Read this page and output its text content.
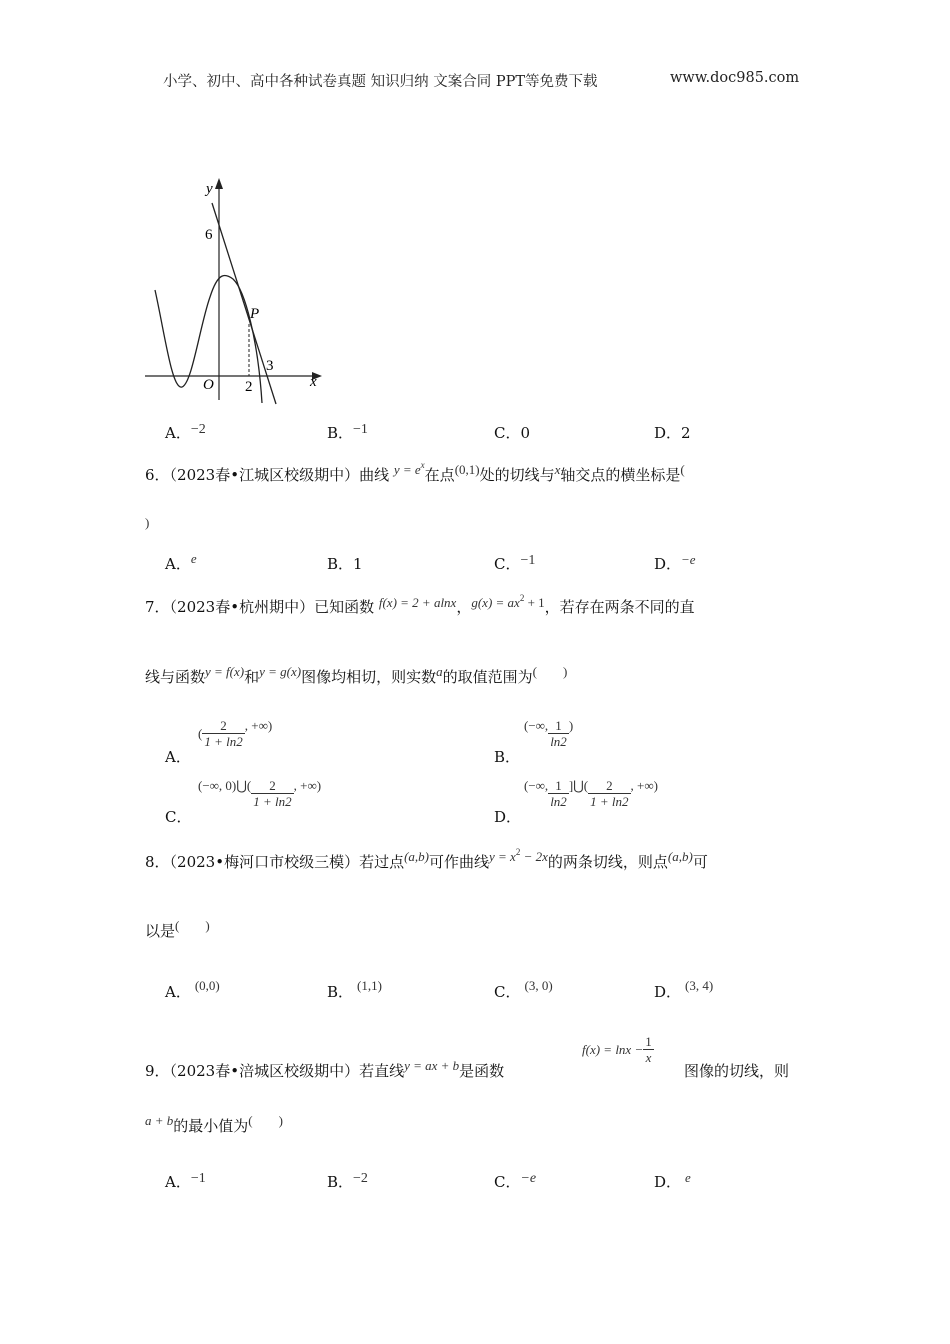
小学、初中、高中各种试卷真题 知识归纳 文案合同 PPT等免费下载	www.doc985.com
y
x
O
6
2
3
P
A．−2	B．−1	C．0	D．2
6．（2023春•江城区校级期中）曲线 $y = e^x$在点(0,1)处的切线与x轴交点的横坐标是(
)
A．e	B．1	C．−1	D．−e
7．（2023春•杭州期中）已知函数 f(x) = 2 + alnx，$g(x) = ax^2 + 1$，若存在两条不同的直
线与函数y = f(x)和y = g(x)图像均相切，则实数a的取值范围为(        )
A．
( $\frac{2}{1 + \ln 2} ^{, +\infty)}$
B．
$^{(-\infty,} \frac{1}{\ln 2} ^)$
C．
$^{(-\infty, 0)⋃(} \frac{2}{1 + \ln 2} ^{, +\infty)}$
D．
$^{(-\infty,} \frac{1}{\ln 2} ^{]⋃(} \frac{2}{1 + \ln 2} ^{, +\infty)}$
8．（2023•梅河口市校级三模）若过点(a,b)可作曲线$y = x^2 - 2x$的两条切线，则点(a,b)可
以是(        )
A． (0,0)	B． (1,1)	C． (3, 0)	D． (3, 4)
9．（2023春•涪城区校级期中）若直线y = ax + b是函数
$f(x) = \ln x - \frac{1}{x}$
图像的切线，则
a + b的最小值为(        )
A．−1	B．−2	C．−e	D． e
